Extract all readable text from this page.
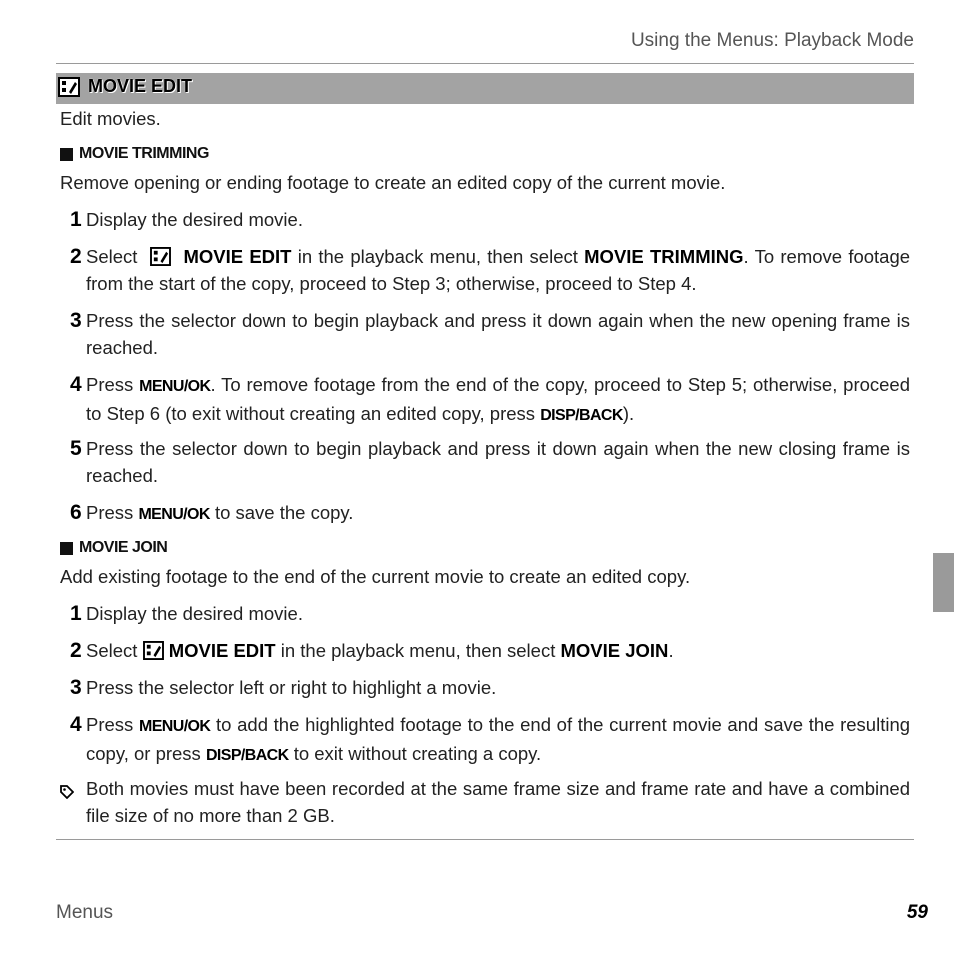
Using the Menus: Playback Mode
MOVIE EDIT
Edit movies.
MOVIE TRIMMING
Remove opening or ending footage to create an edited copy of the current movie.
1 Display the desired movie.
2 Select MOVIE EDIT in the playback menu, then select MOVIE TRIMMING. To remove footage from the start of the copy, proceed to Step 3; otherwise, proceed to Step 4.
3 Press the selector down to begin playback and press it down again when the new opening frame is reached.
4 Press MENU/OK. To remove footage from the end of the copy, proceed to Step 5; otherwise, proceed to Step 6 (to exit without creating an edited copy, press DISP/BACK).
5 Press the selector down to begin playback and press it down again when the new closing frame is reached.
6 Press MENU/OK to save the copy.
MOVIE JOIN
Add existing footage to the end of the current movie to create an edited copy.
1 Display the desired movie.
2 Select MOVIE EDIT in the playback menu, then select MOVIE JOIN.
3 Press the selector left or right to highlight a movie.
4 Press MENU/OK to add the highlighted footage to the end of the current movie and save the resulting copy, or press DISP/BACK to exit without creating a copy.
Both movies must have been recorded at the same frame size and frame rate and have a combined file size of no more than 2 GB.
Menus	59
